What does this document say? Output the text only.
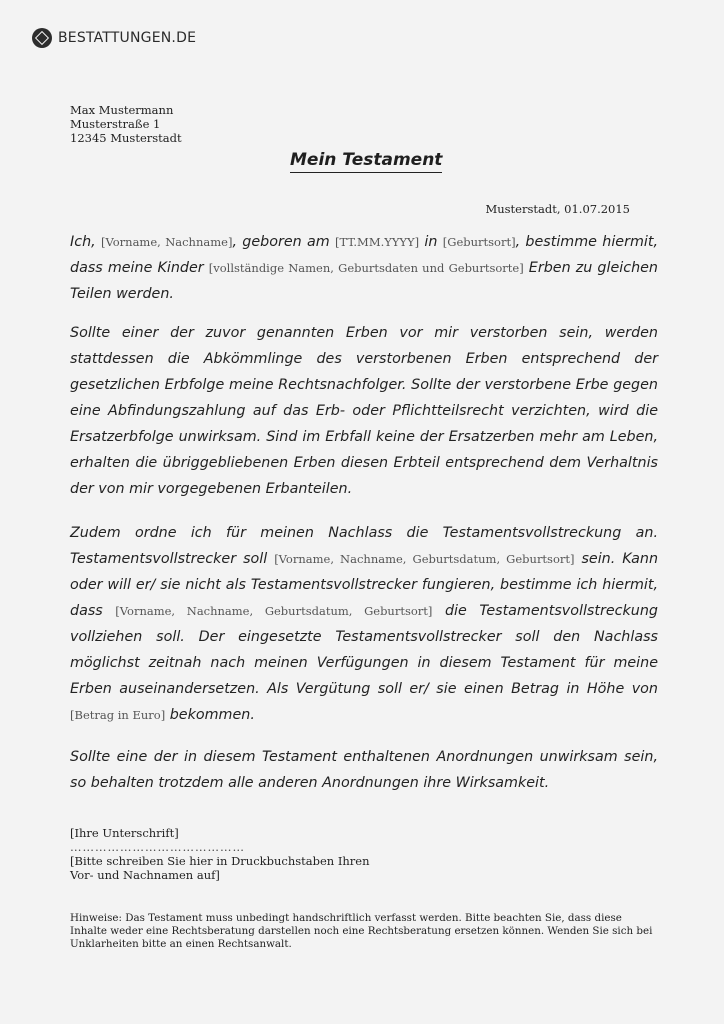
BESTATTUNGEN.DE
Max Mustermann
Musterstraße 1
12345 Musterstadt
Mein Testament
Musterstadt, 01.07.2015
Ich, [Vorname, Nachname], geboren am [TT.MM.YYYY] in [Geburtsort], bestimme hiermit, dass meine Kinder [vollständige Namen, Geburtsdaten und Geburtsorte] Erben zu gleichen Teilen werden.
Sollte einer der zuvor genannten Erben vor mir verstorben sein, werden stattdessen die Abkömmlinge des verstorbenen Erben entsprechend der gesetzlichen Erbfolge meine Rechtsnachfolger. Sollte der verstorbene Erbe gegen eine Abfindungszahlung auf das Erb- oder Pflichtteilsrecht verzichten, wird die Ersatzerbfolge unwirksam. Sind im Erbfall keine der Ersatzerben mehr am Leben, erhalten die übriggebliebenen Erben diesen Erbteil entsprechend dem Verhaltnis der von mir vorgegebenen Erbanteilen.
Zudem ordne ich für meinen Nachlass die Testamentsvollstreckung an. Testamentsvollstrecker soll [Vorname, Nachname, Geburtsdatum, Geburtsort] sein. Kann oder will er/ sie nicht als Testamentsvollstrecker fungieren, bestimme ich hiermit, dass [Vorname, Nachname, Geburtsdatum, Geburtsort] die Testamentsvollstreckung vollziehen soll. Der eingesetzte Testamentsvollstrecker soll den Nachlass möglichst zeitnah nach meinen Verfügungen in diesem Testament für meine Erben auseinandersetzen. Als Vergütung soll er/ sie einen Betrag in Höhe von [Betrag in Euro] bekommen.
Sollte eine der in diesem Testament enthaltenen Anordnungen unwirksam sein, so behalten trotzdem alle anderen Anordnungen ihre Wirksamkeit.
[Ihre Unterschrift]
……………………………………
[Bitte schreiben Sie hier in Druckbuchstaben Ihren
Vor- und Nachnamen auf]
Hinweise: Das Testament muss unbedingt handschriftlich verfasst werden. Bitte beachten Sie, dass diese Inhalte weder eine Rechtsberatung darstellen noch eine Rechtsberatung ersetzen können. Wenden Sie sich bei Unklarheiten bitte an einen Rechtsanwalt.
